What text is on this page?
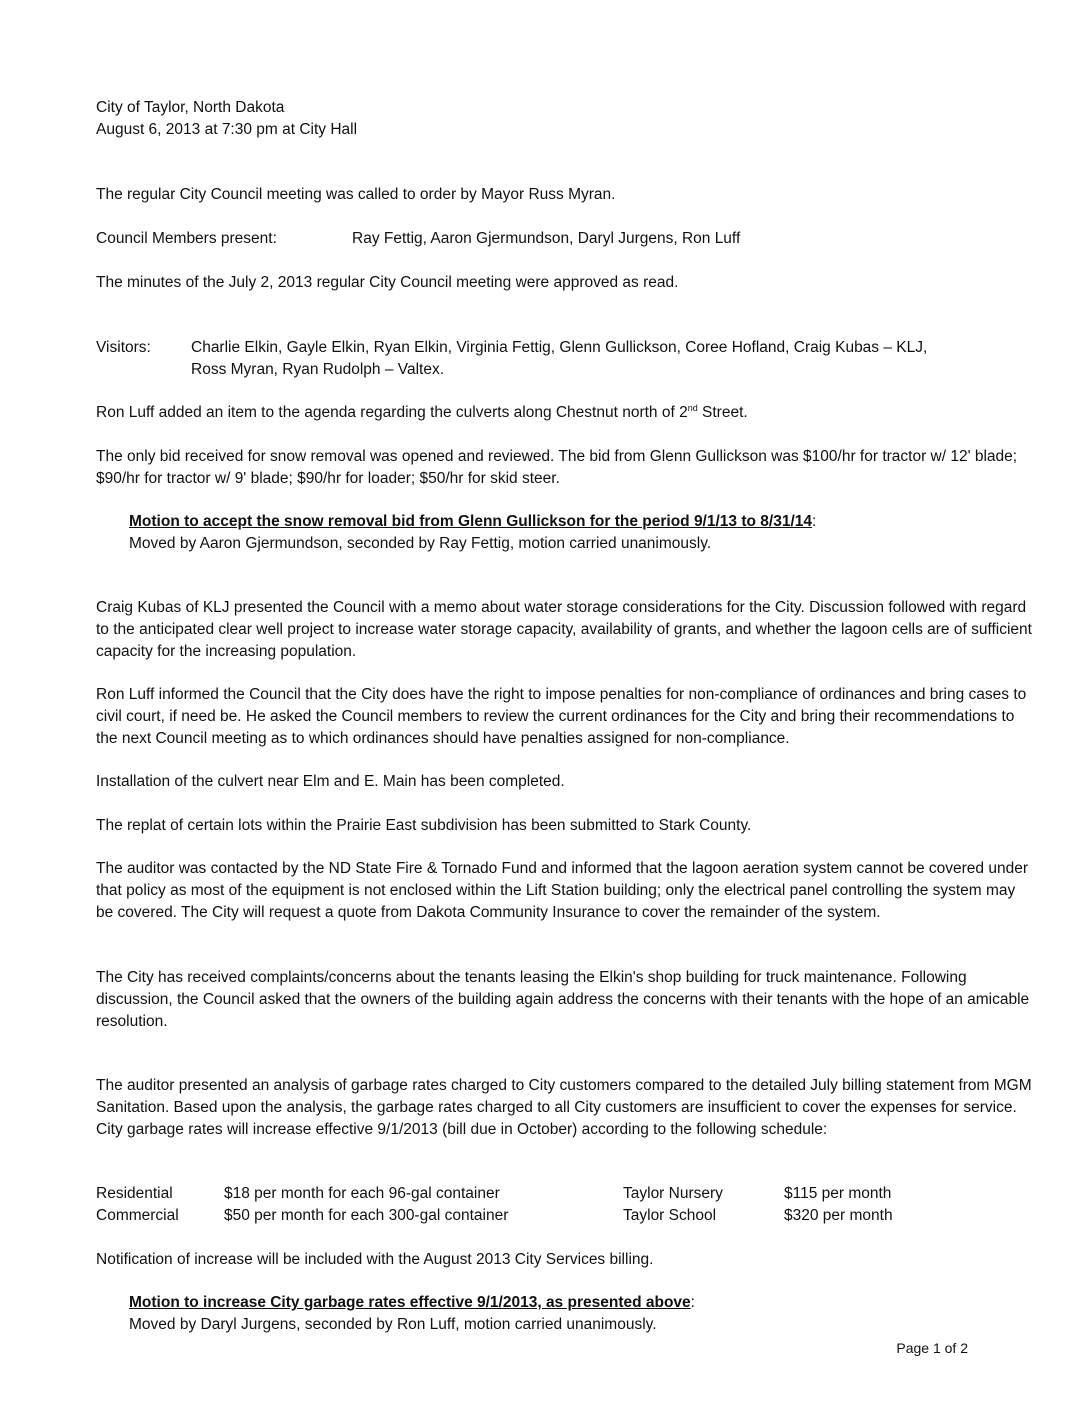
City of Taylor, North Dakota

August 6, 2013 at 7:30 pm at City Hall

The regular City Council meeting was called to order by Mayor Russ Myran.

Council Members present:	Ray Fettig, Aaron Gjermundson, Daryl Jurgens, Ron Luff

The minutes of the July 2, 2013 regular City Council meeting were approved as read.

Visitors:	Charlie Elkin, Gayle Elkin, Ryan Elkin, Virginia Fettig, Glenn Gullickson, Coree Hofland, Craig Kubas – KLJ,
Ross Myran, Ryan Rudolph – Valtex.

Ron Luff added an item to the agenda regarding the culverts along Chestnut north of 2nd Street.

The only bid received for snow removal was opened and reviewed. The bid from Glenn Gullickson was $100/hr for tractor w/ 12' blade; $90/hr for tractor w/ 9' blade; $90/hr for loader; $50/hr for skid steer.

Motion to accept the snow removal bid from Glenn Gullickson for the period 9/1/13 to 8/31/14:

Moved by Aaron Gjermundson, seconded by Ray Fettig, motion carried unanimously.

Craig Kubas of KLJ presented the Council with a memo about water storage considerations for the City. Discussion followed with regard to the anticipated clear well project to increase water storage capacity, availability of grants, and whether the lagoon cells are of sufficient capacity for the increasing population.

Ron Luff informed the Council that the City does have the right to impose penalties for non-compliance of ordinances and bring cases to civil court, if need be. He asked the Council members to review the current ordinances for the City and bring their recommendations to the next Council meeting as to which ordinances should have penalties assigned for non-compliance.

Installation of the culvert near Elm and E. Main has been completed.

The replat of certain lots within the Prairie East subdivision has been submitted to Stark County.

The auditor was contacted by the ND State Fire & Tornado Fund and informed that the lagoon aeration system cannot be covered under that policy as most of the equipment is not enclosed within the Lift Station building; only the electrical panel controlling the system may be covered. The City will request a quote from Dakota Community Insurance to cover the remainder of the system.

The City has received complaints/concerns about the tenants leasing the Elkin's shop building for truck maintenance. Following discussion, the Council asked that the owners of the building again address the concerns with their tenants with the hope of an amicable resolution.

The auditor presented an analysis of garbage rates charged to City customers compared to the detailed July billing statement from MGM Sanitation. Based upon the analysis, the garbage rates charged to all City customers are insufficient to cover the expenses for service. City garbage rates will increase effective 9/1/2013 (bill due in October) according to the following schedule:

Residential	$18 per month for each 96-gal container	Taylor Nursery	$115 per month
Commercial	$50 per month for each 300-gal container	Taylor School	$320 per month

Notification of increase will be included with the August 2013 City Services billing.

Motion to increase City garbage rates effective 9/1/2013, as presented above:

Moved by Daryl Jurgens, seconded by Ron Luff, motion carried unanimously.

Page 1 of 2
